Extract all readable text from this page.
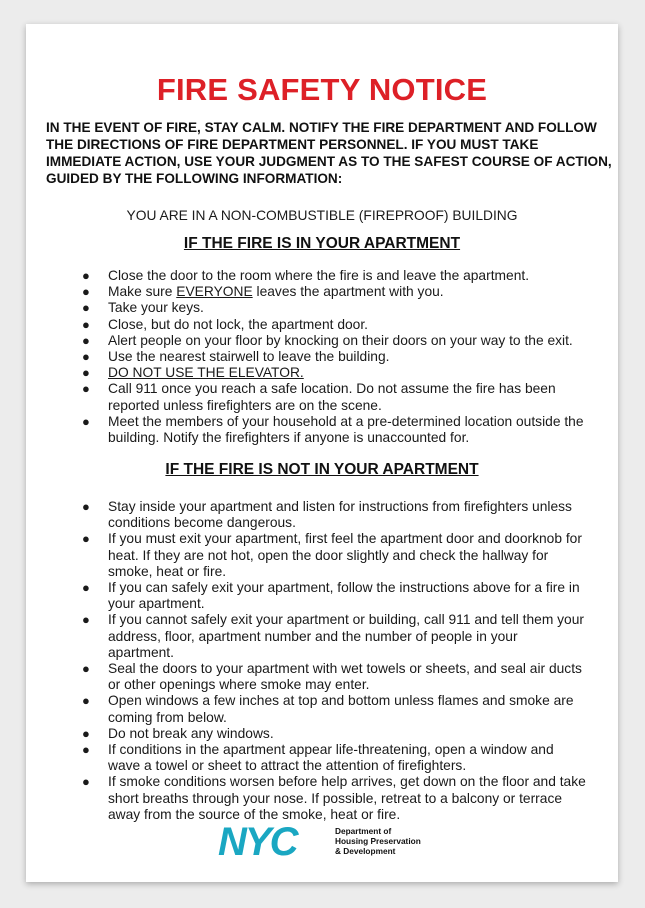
FIRE SAFETY NOTICE
IN THE EVENT OF FIRE, STAY CALM. NOTIFY THE FIRE DEPARTMENT AND FOLLOW THE DIRECTIONS OF FIRE DEPARTMENT PERSONNEL. IF YOU MUST TAKE IMMEDIATE ACTION, USE YOUR JUDGMENT AS TO THE SAFEST COURSE OF ACTION, GUIDED BY THE FOLLOWING INFORMATION:
YOU ARE IN A NON-COMBUSTIBLE (FIREPROOF) BUILDING
IF THE FIRE IS IN YOUR APARTMENT
● Close the door to the room where the fire is and leave the apartment.
● Make sure EVERYONE leaves the apartment with you.
● Take your keys.
● Close, but do not lock, the apartment door.
● Alert people on your floor by knocking on their doors on your way to the exit.
● Use the nearest stairwell to leave the building.
● DO NOT USE THE ELEVATOR.
● Call 911 once you reach a safe location. Do not assume the fire has been reported unless firefighters are on the scene.
● Meet the members of your household at a pre-determined location outside the building. Notify the firefighters if anyone is unaccounted for.
IF THE FIRE IS NOT IN YOUR APARTMENT
● Stay inside your apartment and listen for instructions from firefighters unless conditions become dangerous.
● If you must exit your apartment, first feel the apartment door and doorknob for heat. If they are not hot, open the door slightly and check the hallway for smoke, heat or fire.
● If you can safely exit your apartment, follow the instructions above for a fire in your apartment.
● If you cannot safely exit your apartment or building, call 911 and tell them your address, floor, apartment number and the number of people in your apartment.
● Seal the doors to your apartment with wet towels or sheets, and seal air ducts or other openings where smoke may enter.
● Open windows a few inches at top and bottom unless flames and smoke are coming from below.
● Do not break any windows.
● If conditions in the apartment appear life-threatening, open a window and wave a towel or sheet to attract the attention of firefighters.
● If smoke conditions worsen before help arrives, get down on the floor and take short breaths through your nose. If possible, retreat to a balcony or terrace away from the source of the smoke, heat or fire.
NYC	Department of
Housing Preservation
& Development
